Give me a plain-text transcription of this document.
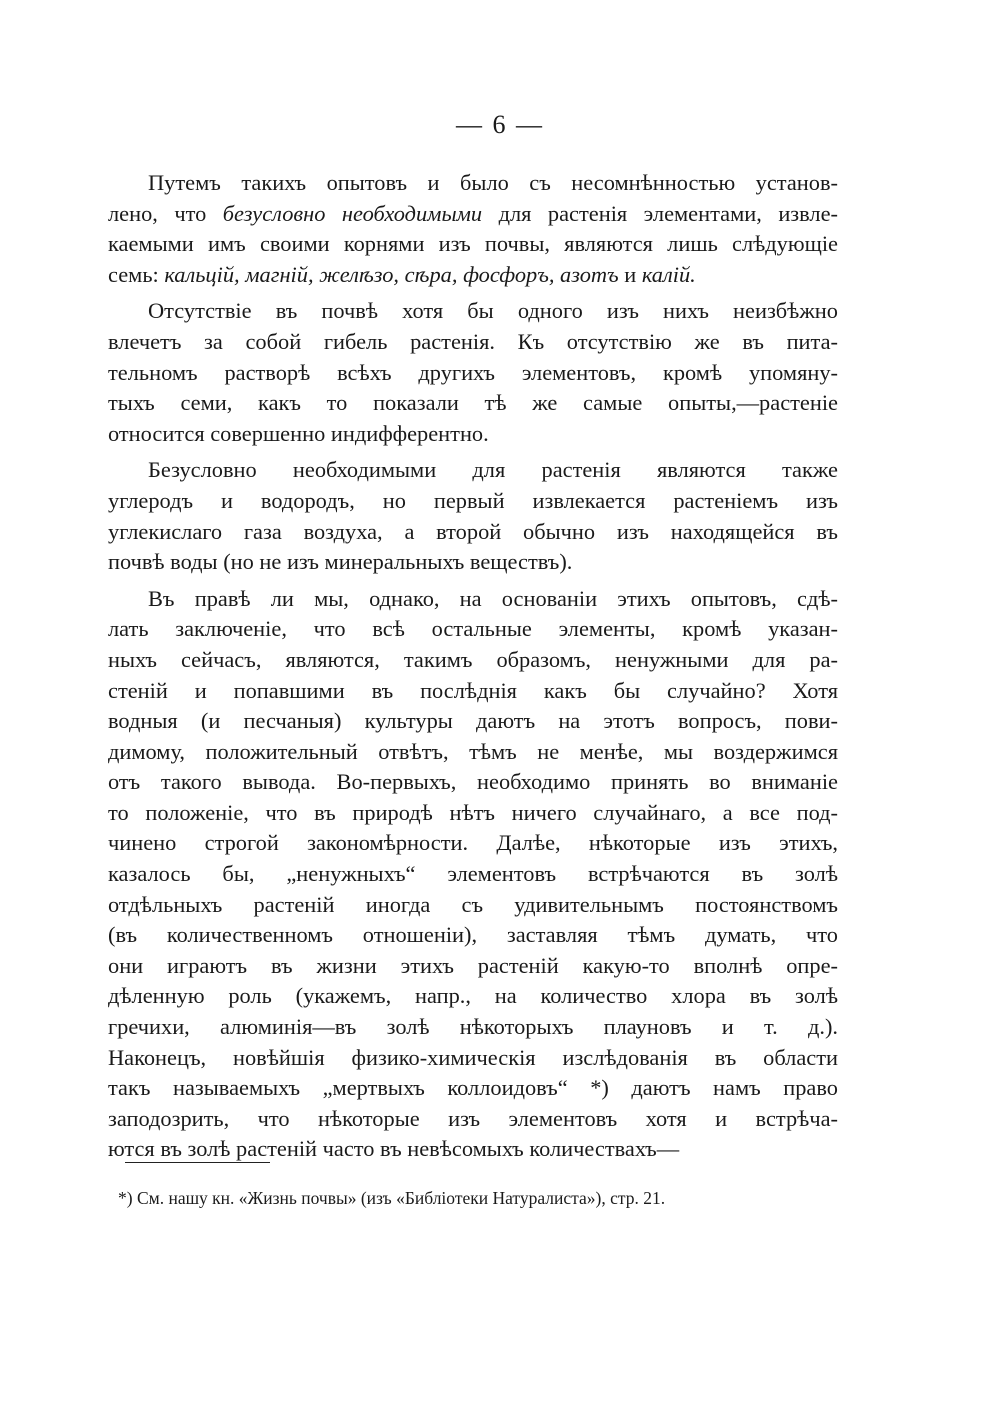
— 6 —
Путемъ такихъ опытовъ и было съ несомнѣнностью установ-
лено, что безусловно необходимыми для растенія элементами, извле-
каемыми имъ своими корнями изъ почвы, являются лишь слѣдующіе
семь: кальцій, магній, желѣзо, сѣра, фосфоръ, азотъ и калій.
Отсутствіе въ почвѣ хотя бы одного изъ нихъ неизбѣжно
влечетъ за собой гибель растенія. Къ отсутствію же въ пита-
тельномъ растворѣ всѣхъ другихъ элементовъ, кромѣ упомяну-
тыхъ семи, какъ то показали тѣ же самые опыты,—растеніе
относится совершенно индифферентно.
Безусловно необходимыми для растенія являются также
углеродъ и водородъ, но первый извлекается растеніемъ изъ
углекислаго газа воздуха, а второй обычно изъ находящейся въ
почвѣ воды (но не изъ минеральныхъ веществъ).
Въ правѣ ли мы, однако, на основаніи этихъ опытовъ, сдѣ-
лать заключеніе, что всѣ остальные элементы, кромѣ указан-
ныхъ сейчасъ, являются, такимъ образомъ, ненужными для ра-
стеній и попавшими въ послѣднія какъ бы случайно? Хотя
водныя (и песчаныя) культуры даютъ на этотъ вопросъ, пови-
димому, положительный отвѣтъ, тѣмъ не менѣе, мы воздержимся
отъ такого вывода. Во-первыхъ, необходимо принять во вниманіе
то положеніе, что въ природѣ нѣтъ ничего случайнаго, а все под-
чинено строгой закономѣрности. Далѣе, нѣкоторые изъ этихъ,
казалось бы, „ненужныхъ“ элементовъ встрѣчаются въ золѣ
отдѣльныхъ растеній иногда съ удивительнымъ постоянствомъ
(въ количественномъ отношеніи), заставляя тѣмъ думать, что
они играютъ въ жизни этихъ растеній какую-то вполнѣ опре-
дѣленную роль (укажемъ, напр., на количество хлора въ золѣ
гречихи, алюминія—въ золѣ нѣкоторыхъ плауновъ и т. д.).
Наконецъ, новѣйшія физико-химическія изслѣдованія въ области
такъ называемыхъ „мертвыхъ коллоидовъ“ *) даютъ намъ право
заподозрить, что нѣкоторые изъ элементовъ хотя и встрѣча-
ются въ золѣ растеній часто въ невѣсомыхъ количествахъ—
*) См. нашу кн. «Жизнь почвы» (изъ «Библіотеки Натуралиста»), стр. 21.
